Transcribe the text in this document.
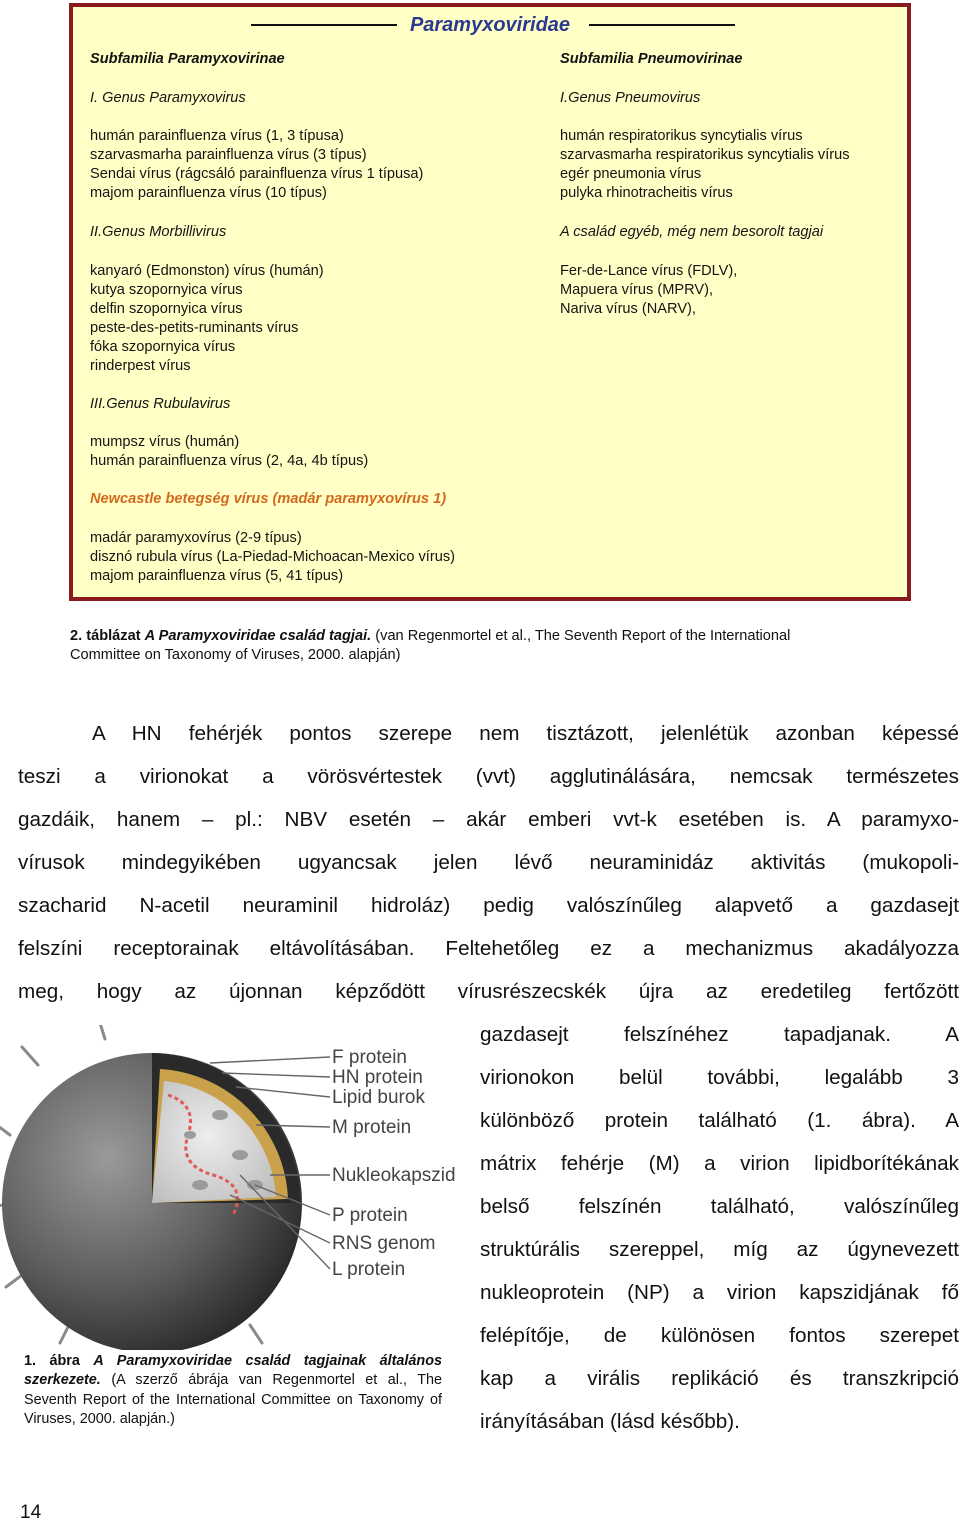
Paramyxoviridae
Subfamilia Paramyxovirinae
I. Genus Paramyxovirus
humán parainfluenza vírus (1, 3 típusa)
szarvasmarha parainfluenza vírus (3 típus)
Sendai vírus (rágcsáló parainfluenza vírus 1 típusa)
majom parainfluenza vírus (10 típus)
II.Genus Morbillivirus
kanyaró (Edmonston) vírus (humán)
kutya szopornyica vírus
delfin szopornyica vírus
peste-des-petits-ruminants vírus
fóka szopornyica vírus
rinderpest vírus
III.Genus Rubulavirus
mumpsz vírus (humán)
humán parainfluenza vírus (2, 4a, 4b típus)
Newcastle betegség vírus (madár paramyxovírus 1)
madár paramyxovírus (2-9 típus)
disznó rubula vírus (La-Piedad-Michoacan-Mexico vírus)
majom parainfluenza vírus (5, 41 típus)
Subfamilia Pneumovirinae
I.Genus Pneumovirus
humán respiratorikus syncytialis vírus
szarvasmarha respiratorikus syncytialis vírus
egér pneumonia vírus
pulyka rhinotracheitis vírus
A család egyéb, még nem besorolt tagjai
Fer-de-Lance vírus (FDLV),
Mapuera vírus (MPRV),
Nariva vírus (NARV),
2. táblázat A Paramyxoviridae család tagjai. (van Regenmortel et al., The Seventh Report of the International
Committee on Taxonomy of Viruses, 2000. alapján)
A HN fehérjék pontos szerepe nem tisztázott, jelenlétük azonban képessé
teszi a virionokat a vörösvértestek (vvt) agglutinálására, nemcsak természetes
gazdáik, hanem – pl.: NBV esetén – akár emberi vvt-k esetében is. A paramyxo-
vírusok mindegyikében ugyancsak jelen lévő neuraminidáz aktivitás (mukopoli-
szacharid N-acetil neuraminil hidroláz) pedig valószínűleg alapvető a gazdasejt
felszíni receptorainak eltávolításában. Feltehetőleg ez a mechanizmus akadályozza
meg, hogy az újonnan képződött vírusrészecskék újra az eredetileg fertőzött
gazdasejt felszínéhez tapadjanak. A
virionokon belül további, legalább 3
különböző protein található (1. ábra). A
mátrix fehérje (M) a virion lipidborítékának
belső felszínén található, valószínűleg
struktúrális szereppel, míg az úgynevezett
nukleoprotein (NP) a virion kapszidjának fő
felépítője, de különösen fontos szerepet
kap a virális replikáció és transzkripció
irányításában (lásd később).
F protein
HN protein
Lipid burok
M protein
Nukleokapszid
P protein
RNS genom
L protein
1. ábra A Paramyxoviridae család tagjainak általános szerkezete. (A szerző ábrája van Regenmortel et al., The Seventh Report of the International Committee on Taxonomy of Viruses, 2000. alapján.)
14
